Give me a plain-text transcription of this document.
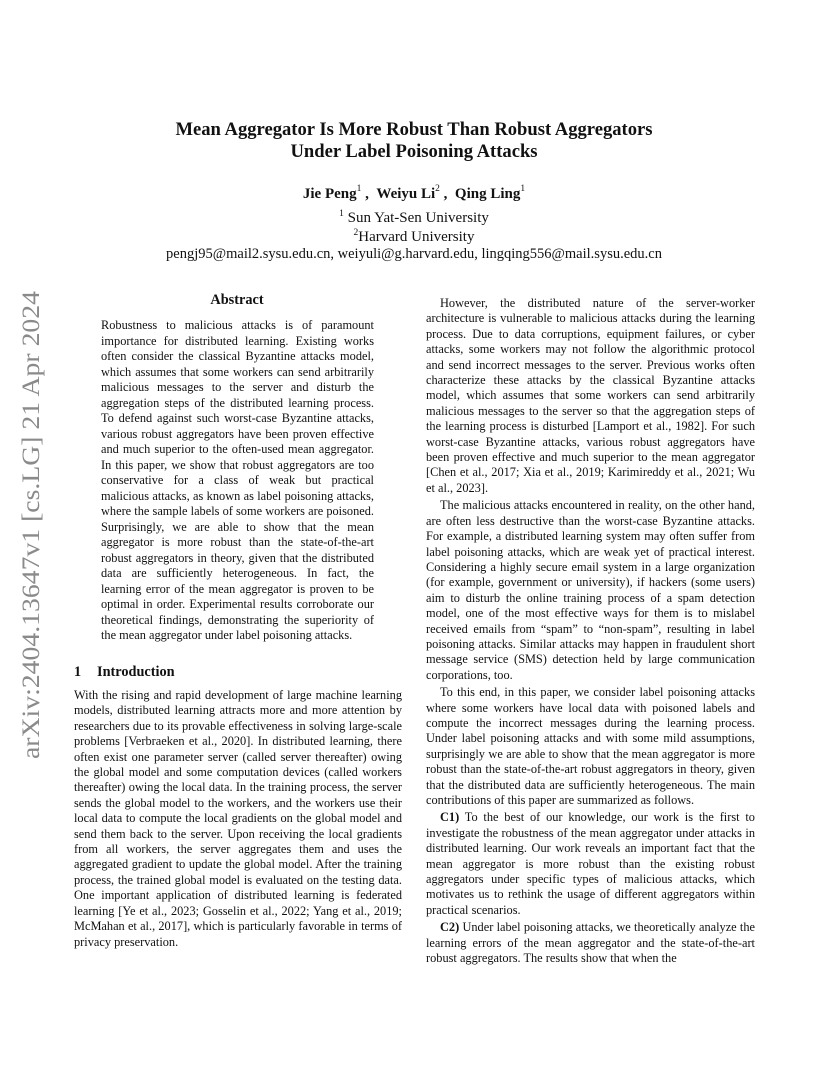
arXiv:2404.13647v1 [cs.LG] 21 Apr 2024
Mean Aggregator Is More Robust Than Robust Aggregators
Under Label Poisoning Attacks
Jie Peng$^1$ ,  Weiyu Li$^2$ ,  Qing Ling$^1$
$^1$ Sun Yat-Sen University
$^2$Harvard University
pengj95@mail2.sysu.edu.cn, weiyuli@g.harvard.edu, lingqing556@mail.sysu.edu.cn
Abstract
Robustness to malicious attacks is of paramount importance for distributed learning. Existing works often consider the classical Byzantine attacks model, which assumes that some workers can send arbitrarily malicious messages to the server and disturb the aggregation steps of the distributed learning process. To defend against such worst-case Byzantine attacks, various robust aggregators have been proven effective and much superior to the often-used mean aggregator. In this paper, we show that robust aggregators are too conservative for a class of weak but practical malicious attacks, as known as label poisoning attacks, where the sample labels of some workers are poisoned. Surprisingly, we are able to show that the mean aggregator is more robust than the state-of-the-art robust aggregators in theory, given that the distributed data are sufficiently heterogeneous. In fact, the learning error of the mean aggregator is proven to be optimal in order. Experimental results corroborate our theoretical findings, demonstrating the superiority of the mean aggregator under label poisoning attacks.
1 Introduction

With the rising and rapid development of large machine learning models, distributed learning attracts more and more attention by researchers due to its provable effectiveness in solving large-scale problems [Verbraeken et al., 2020]. In distributed learning, there often exist one parameter server (called server thereafter) owing the global model and some computation devices (called workers thereafter) owing the local data. In the training process, the server sends the global model to the workers, and the workers use their local data to compute the local gradients on the global model and send them back to the server. Upon receiving the local gradients from all workers, the server aggregates them and uses the aggregated gradient to update the global model. After the training process, the trained global model is evaluated on the testing data. One important application of distributed learning is federated learning [Ye et al., 2023; Gosselin et al., 2022; Yang et al., 2019; McMahan et al., 2017], which is particularly favorable in terms of privacy preservation.

However, the distributed nature of the server-worker architecture is vulnerable to malicious attacks during the learning process. Due to data corruptions, equipment failures, or cyber attacks, some workers may not follow the algorithmic protocol and send incorrect messages to the server. Previous works often characterize these attacks by the classical Byzantine attacks model, which assumes that some workers can send arbitrarily malicious messages to the server so that the aggregation steps of the learning process is disturbed [Lamport et al., 1982]. For such worst-case Byzantine attacks, various robust aggregators have been proven effective and much superior to the mean aggregator [Chen et al., 2017; Xia et al., 2019; Karimireddy et al., 2021; Wu et al., 2023].

The malicious attacks encountered in reality, on the other hand, are often less destructive than the worst-case Byzantine attacks. For example, a distributed learning system may often suffer from label poisoning attacks, which are weak yet of practical interest. Considering a highly secure email system in a large organization (for example, government or university), if hackers (some users) aim to disturb the online training process of a spam detection model, one of the most effective ways for them is to mislabel received emails from “spam” to “non-spam”, resulting in label poisoning attacks. Similar attacks may happen in fraudulent short message service (SMS) detection held by large communication corporations, too.

To this end, in this paper, we consider label poisoning attacks where some workers have local data with poisoned labels and compute the incorrect messages during the learning process. Under label poisoning attacks and with some mild assumptions, surprisingly we are able to show that the mean aggregator is more robust than the state-of-the-art robust aggregators in theory, given that the distributed data are sufficiently heterogeneous. The main contributions of this paper are summarized as follows.

C1) To the best of our knowledge, our work is the first to investigate the robustness of the mean aggregator under attacks in distributed learning. Our work reveals an important fact that the mean aggregator is more robust than the existing robust aggregators under specific types of malicious attacks, which motivates us to rethink the usage of different aggregators within practical scenarios.

C2) Under label poisoning attacks, we theoretically analyze the learning errors of the mean aggregator and the state-of-the-art robust aggregators. The results show that when the
